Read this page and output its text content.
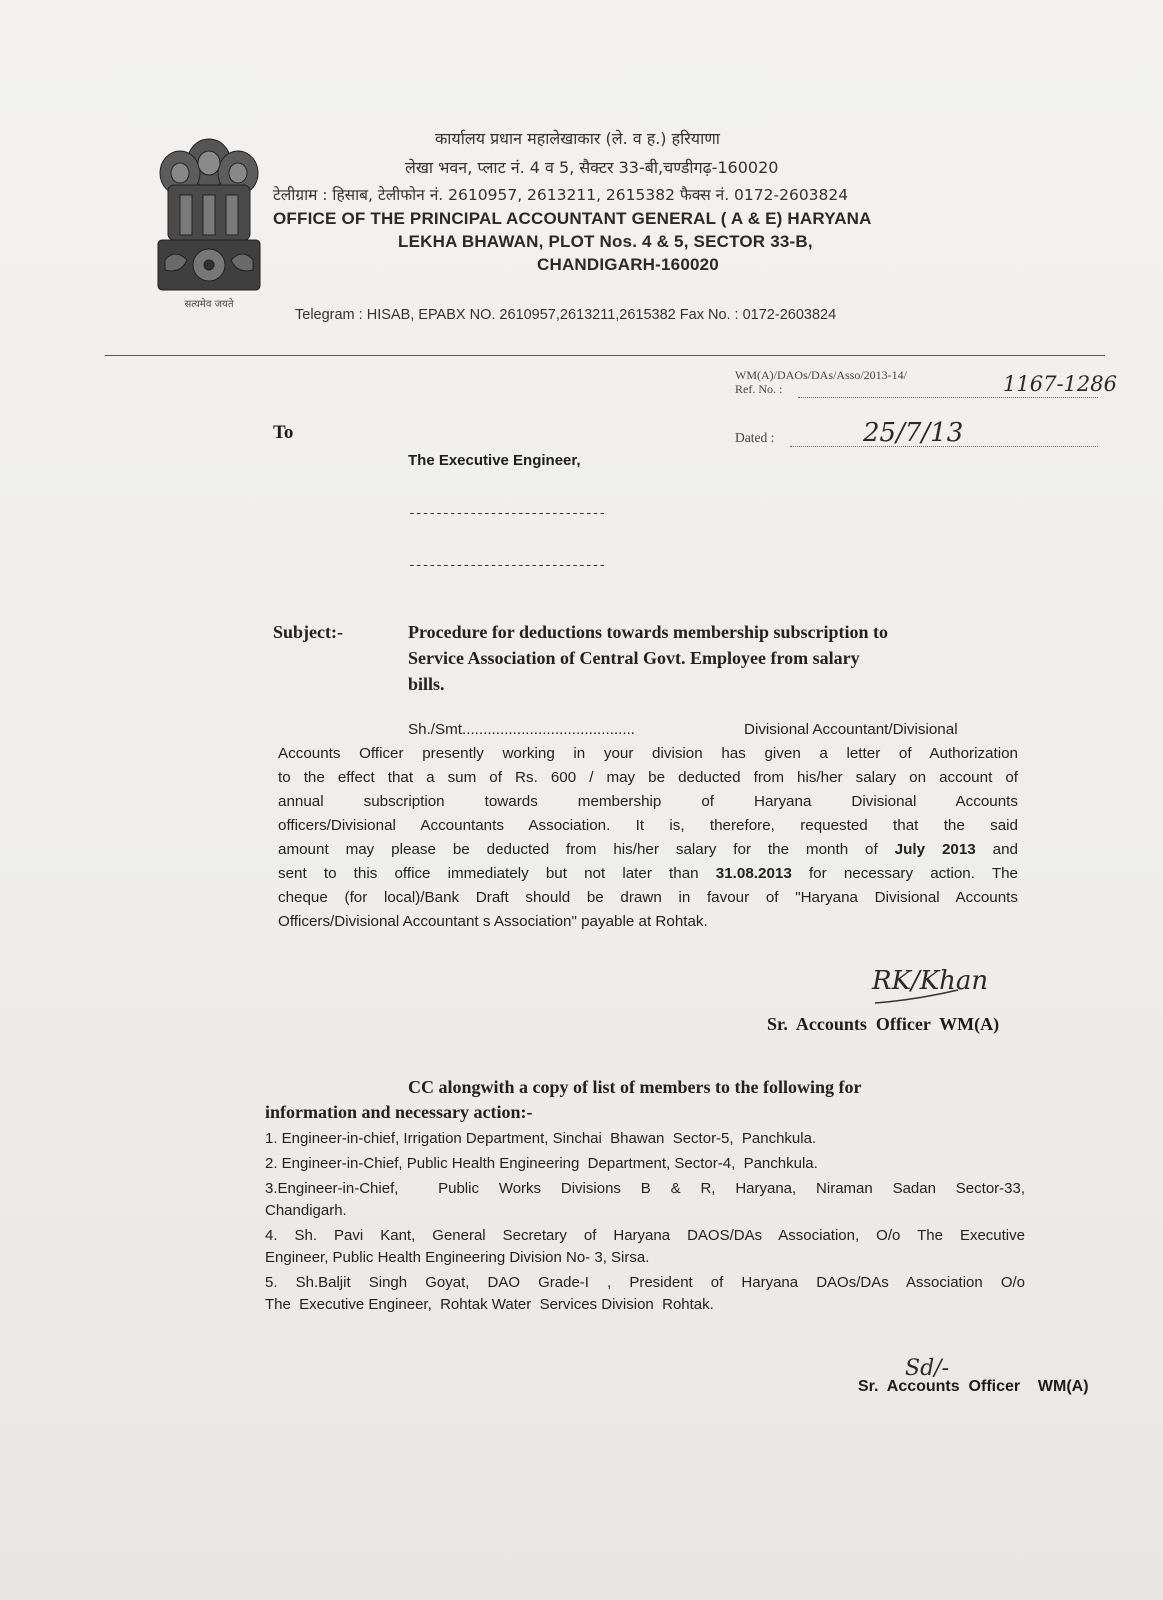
सत्यमेव जयते
कार्यालय प्रधान महालेखाकार (ले. व ह.) हरियाणा
लेखा भवन, प्लाट नं. 4 व 5, सैक्टर 33-बी,चण्डीगढ़-160020
टेलीग्राम : हिसाब, टेलीफोन नं. 2610957, 2613211, 2615382 फैक्स नं. 0172-2603824
OFFICE OF THE PRINCIPAL ACCOUNTANT GENERAL ( A & E) HARYANA
LEKHA BHAWAN, PLOT Nos. 4 & 5, SECTOR 33-B,
CHANDIGARH-160020
Telegram : HISAB, EPABX NO. 2610957,2613211,2615382 Fax No. : 0172-2603824
WM(A)/DAOs/DAs/Asso/2013-14/
Ref. No. :	1167-1286
Dated :	25/7/13
To
The Executive Engineer,
-----------------------------
-----------------------------
Subject:-	Procedure for deductions towards membership subscription to
Service Association of Central Govt. Employee from salary
bills.
Sh./Smt.........................................	Divisional Accountant/Divisional
Accounts Officer presently working in your division has given a letter of Authorization
to the effect that a sum of Rs. 600 / may be deducted from his/her salary on account of
annual subscription towards membership of Haryana Divisional Accounts
officers/Divisional Accountants Association. It is, therefore, requested that the said
amount may please be deducted from his/her salary for the month of July 2013 and
sent to this office immediately but not later than 31.08.2013 for necessary action. The
cheque (for local)/Bank Draft should be drawn in favour of "Haryana Divisional Accounts
Officers/Divisional Accountant s Association" payable at Rohtak.
RK/Khan
Sr.  Accounts  Officer  WM(A)
CC alongwith a copy of list of members to the following for
information and necessary action:-
1. Engineer-in-chief, Irrigation Department, Sinchai  Bhawan  Sector-5,  Panchkula.
2. Engineer-in-Chief, Public Health Engineering  Department, Sector-4,  Panchkula.
3.Engineer-in-Chief,  Public Works Divisions B & R, Haryana, Niraman Sadan Sector-33,
Chandigarh.
4. Sh. Pavi Kant, General Secretary of Haryana DAOS/DAs Association, O/o The Executive
Engineer, Public Health Engineering Division No- 3, Sirsa.
5. Sh.Baljit Singh Goyat, DAO Grade-I , President of Haryana DAOs/DAs Association O/o
The  Executive Engineer,  Rohtak Water  Services Division  Rohtak.
Sd/-
Sr.  Accounts  Officer    WM(A)
